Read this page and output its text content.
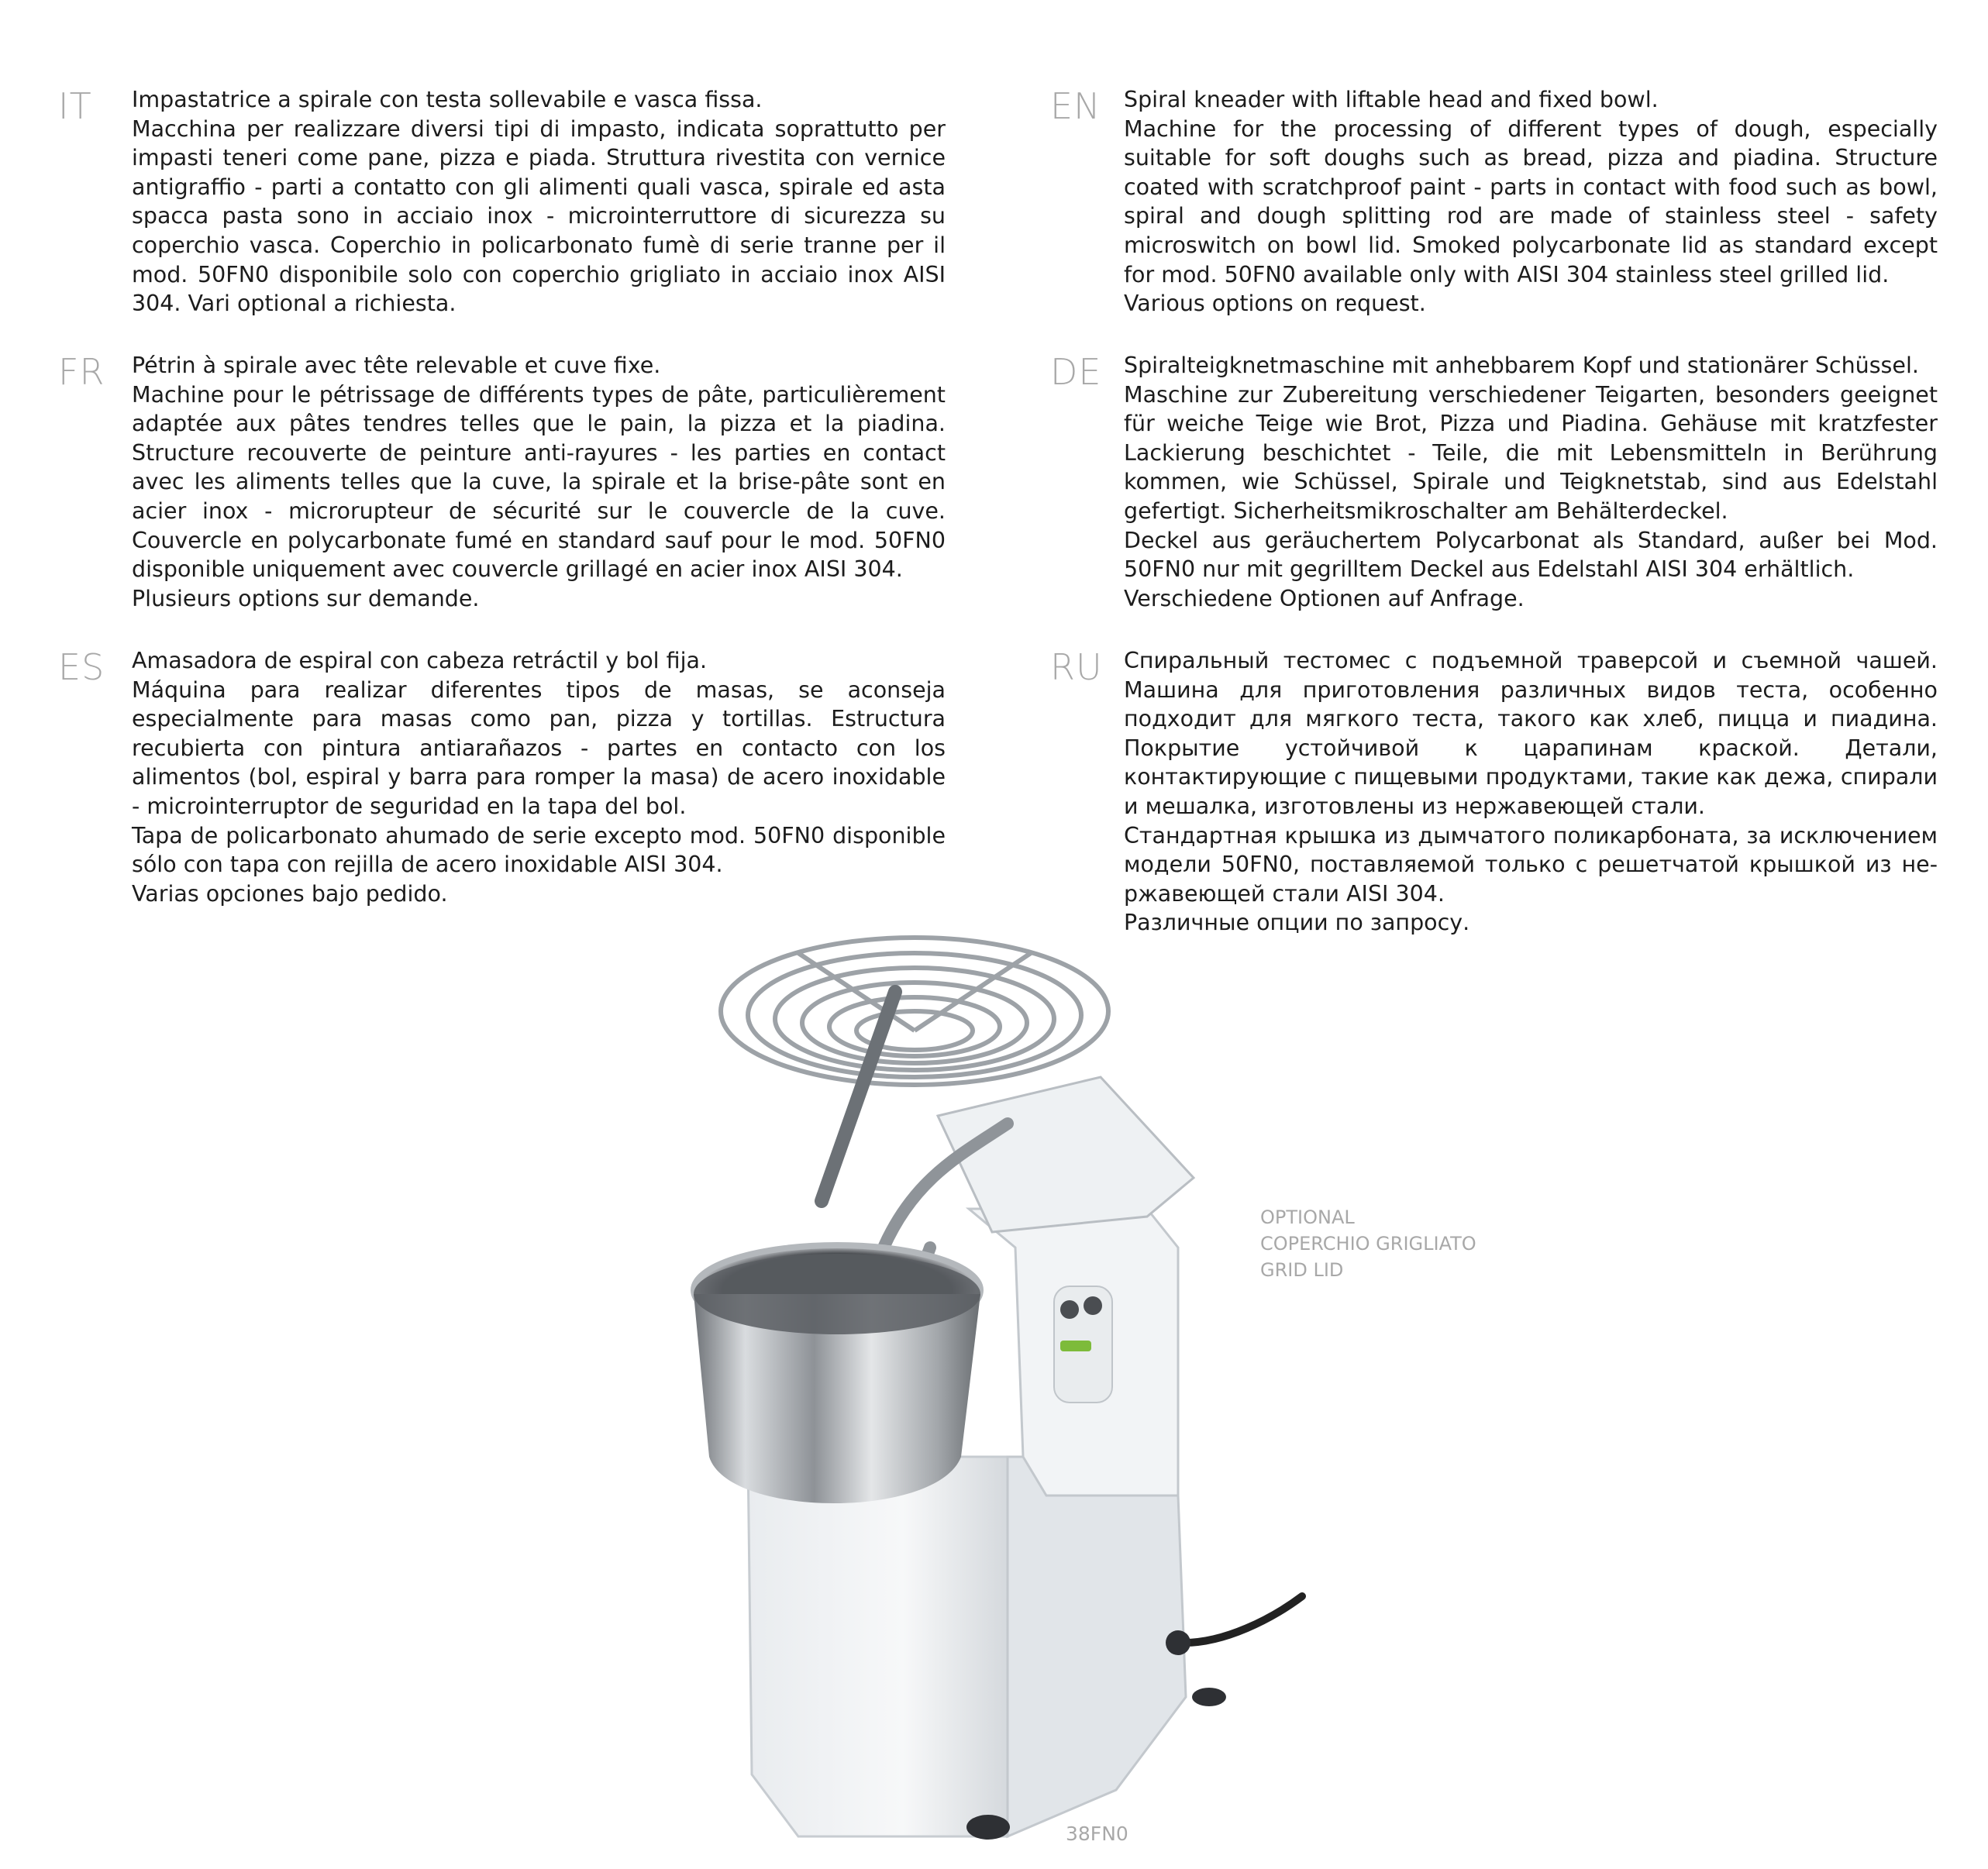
IT Impastatrice a spirale con testa sollevabile e vasca fissa.
Macchina per realizzare diversi tipi di impasto, indicata soprattutto per impasti teneri come pane, pizza e piada. Struttura rivestita con vernice antigraffio - parti a contatto con gli alimenti quali vasca, spirale ed asta spacca pasta sono in acciaio inox - microinterruttore di sicurezza su coperchio vasca. Coperchio in policarbonato fumè di serie tranne per il mod. 50FN0 disponibile solo con coperchio grigliato in acciaio inox AISI 304. Vari optional a richiesta.

EN Spiral kneader with liftable head and fixed bowl.
Machine for the processing of different types of dough, especially suitable for soft doughs such as bread, pizza and piadina. Structure coated with scratchproof paint - parts in contact with food such as bowl, spiral and dough splitting rod are made of stainless steel - safety microswitch on bowl lid. Smoked polycarbonate lid as standard except for mod. 50FN0 available only with AISI 304 stainless steel grilled lid.
Various options on request.

FR Pétrin à spirale avec tête relevable et cuve fixe.
Machine pour le pétrissage de différents types de pâte, particulièrement adaptée aux pâtes tendres telles que le pain, la pizza et la piadina. Structure recouverte de peinture anti-rayures - les parties en contact avec les aliments telles que la cuve, la spirale et la brise-pâte sont en acier inox - microrupteur de sécurité sur le couvercle de la cuve. Couvercle en polycarbonate fumé en standard sauf pour le mod. 50FN0 disponible uniquement avec couvercle grillagé en acier inox AISI 304.
Plusieurs options sur demande.

DE Spiralteigknetmaschine mit anhebbarem Kopf und stationärer Schüssel.
Maschine zur Zubereitung verschiedener Teigarten, besonders geeignet für weiche Teige wie Brot, Pizza und Piadina. Gehäuse mit kratzfester Lackierung beschichtet - Teile, die mit Lebensmitteln in Berührung kommen, wie Schüssel, Spirale und Teigknetstab, sind aus Edelstahl gefertigt. Sicherheitsmikroschalter am Behälterdeckel.
Deckel aus geräuchertem Polycarbonat als Standard, außer bei Mod. 50FN0 nur mit gegrilltem Deckel aus Edelstahl AISI 304 erhältlich.
Verschiedene Optionen auf Anfrage.

ES Amasadora de espiral con cabeza retráctil y bol fija.
Máquina para realizar diferentes tipos de masas, se aconseja especialmente para masas como pan, pizza y tortillas. Estructura recubierta con pintura antiarañazos - partes en contacto con los alimentos (bol, espiral y barra para romper la masa) de acero inoxidable - microinterruptor de seguridad en la tapa del bol.
Tapa de policarbonato ahumado de serie excepto mod. 50FN0 disponible sólo con tapa con rejilla de acero inoxidable AISI 304.
Varias opciones bajo pedido.

RU Спиральный тестомес с подъемной траверсой и съемной чашей. Машина для приготовления различных видов теста, особенно подходит для мягкого теста, такого как хлеб, пицца и пиадина. Покрытие устойчивой к царапинам краской. Детали, контактирующие с пищевыми продуктами, такие как дежа, спирали и мешалка, изготовлены из нержавеющей стали.
Стандартная крышка из дымчатого поликарбоната, за исключением модели 50FN0, поставляемой только с решетчатой крышкой из нержавеющей стали AISI 304.
Различные опции по запросу.

OPTIONAL
COPERCHIO GRIGLIATO
GRID LID
38FN0
